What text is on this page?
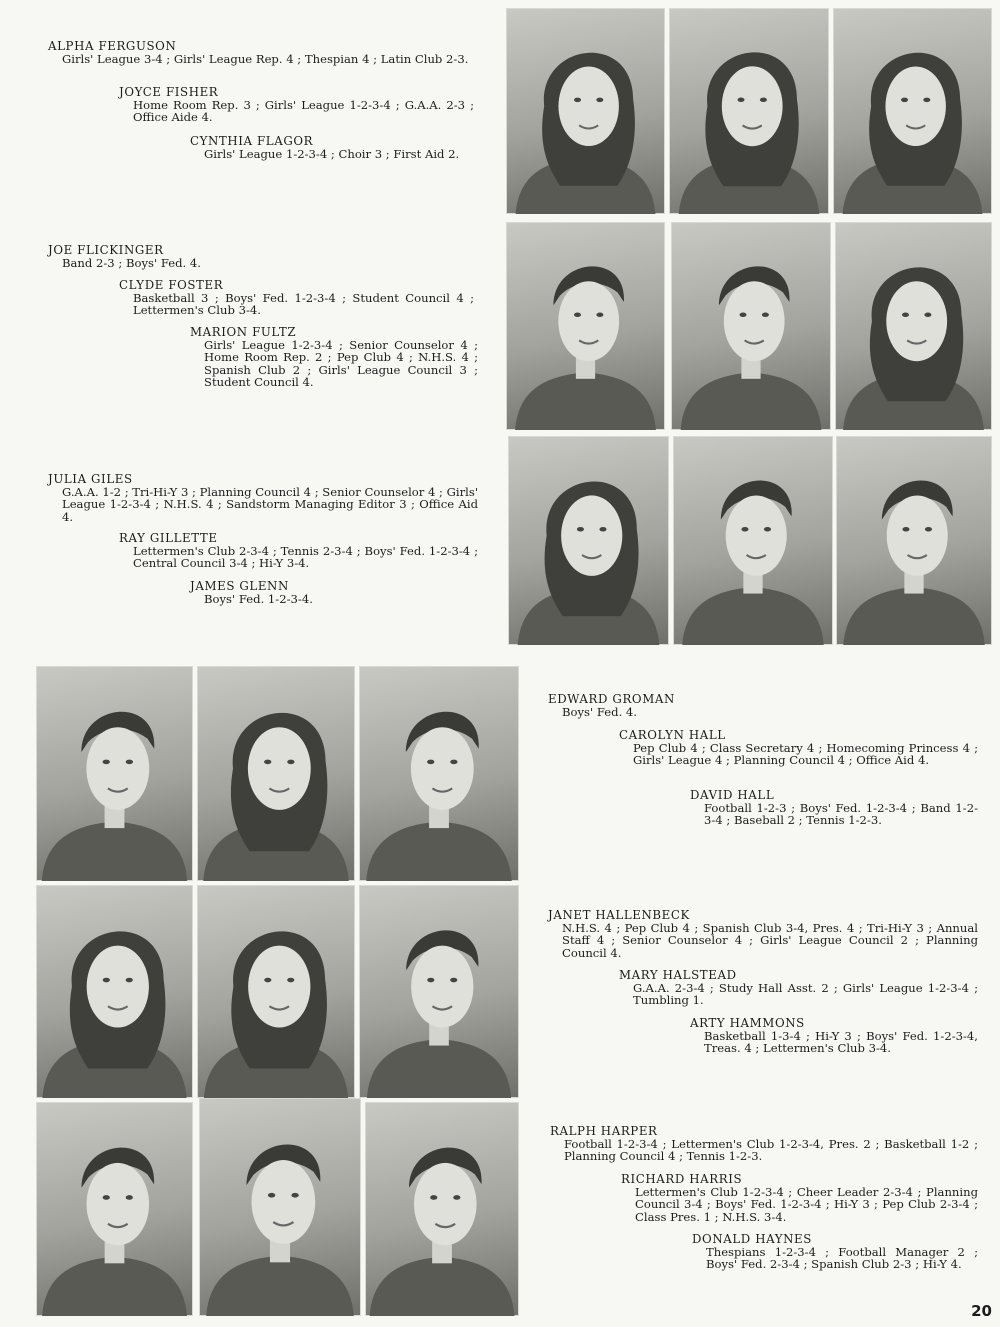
ALPHA FERGUSON
Girls' League 3-4 ; Girls' League Rep. 4 ; Thespian 4 ; Latin Club 2-3.
JOYCE FISHER
Home Room Rep. 3 ; Girls' League 1-2-3-4 ; G.A.A. 2-3 ; Office Aide 4.
CYNTHIA FLAGOR
Girls' League 1-2-3-4 ; Choir 3 ; First Aid 2.
JOE FLICKINGER
Band 2-3 ; Boys' Fed. 4.
CLYDE FOSTER
Basketball 3 ; Boys' Fed. 1-2-3-4 ; Student Council 4 ; Lettermen's Club 3-4.
MARION FULTZ
Girls' League 1-2-3-4 ; Senior Counselor 4 ; Home Room Rep. 2 ; Pep Club 4 ; N.H.S. 4 ; Spanish Club 2 ; Girls' League Council 3 ; Student Council 4.
JULIA GILES
G.A.A. 1-2 ; Tri-Hi-Y 3 ; Planning Council 4 ; Senior Counselor 4 ; Girls' League 1-2-3-4 ; N.H.S. 4 ; Sandstorm Managing Editor 3 ; Office Aid 4.
RAY GILLETTE
Lettermen's Club 2-3-4 ; Tennis 2-3-4 ; Boys' Fed. 1-2-3-4 ; Central Council 3-4 ; Hi-Y 3-4.
JAMES GLENN
Boys' Fed. 1-2-3-4.
EDWARD GROMAN
Boys' Fed. 4.
CAROLYN HALL
Pep Club 4 ; Class Secretary 4 ; Homecoming Princess 4 ; Girls' League 4 ; Planning Council 4 ; Office Aid 4.
DAVID HALL
Football 1-2-3 ; Boys' Fed. 1-2-3-4 ; Band 1-2-3-4 ; Baseball 2 ; Tennis 1-2-3.
JANET HALLENBECK
N.H.S. 4 ; Pep Club 4 ; Spanish Club 3-4, Pres. 4 ; Tri-Hi-Y 3 ; Annual Staff 4 ; Senior Counselor 4 ; Girls' League Council 2 ; Planning Council 4.
MARY HALSTEAD
G.A.A. 2-3-4 ; Study Hall Asst. 2 ; Girls' League 1-2-3-4 ; Tumbling 1.
ARTY HAMMONS
Basketball 1-3-4 ; Hi-Y 3 ; Boys' Fed. 1-2-3-4, Treas. 4 ; Lettermen's Club 3-4.
RALPH HARPER
Football 1-2-3-4 ; Lettermen's Club 1-2-3-4, Pres. 2 ; Basketball 1-2 ; Planning Council 4 ; Tennis 1-2-3.
RICHARD HARRIS
Lettermen's Club 1-2-3-4 ; Cheer Leader 2-3-4 ; Planning Council 3-4 ; Boys' Fed. 1-2-3-4 ; Hi-Y 3 ; Pep Club 2-3-4 ; Class Pres. 1 ; N.H.S. 3-4.
DONALD HAYNES
Thespians 1-2-3-4 ; Football Manager 2 ; Boys' Fed. 2-3-4 ; Spanish Club 2-3 ; Hi-Y 4.
20
